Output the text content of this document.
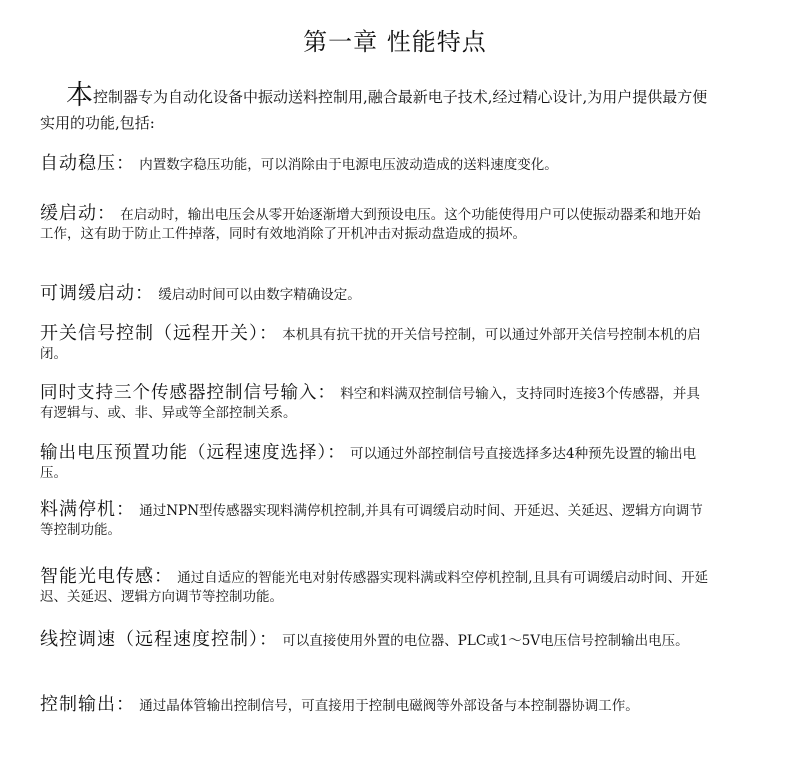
第一章 性能特点
本控制器专为自动化设备中振动送料控制用,融合最新电子技术,经过精心设计,为用户提供最方便实用的功能,包括:
自动稳压： 内置数字稳压功能，可以消除由于电源电压波动造成的送料速度变化。
缓启动： 在启动时，输出电压会从零开始逐渐增大到预设电压。这个功能使得用户可以使振动器柔和地开始工作，这有助于防止工件掉落，同时有效地消除了开机冲击对振动盘造成的损坏。
可调缓启动： 缓启动时间可以由数字精确设定。
开关信号控制（远程开关）： 本机具有抗干扰的开关信号控制，可以通过外部开关信号控制本机的启闭。
同时支持三个传感器控制信号输入： 料空和料满双控制信号输入，支持同时连接3个传感器，并具有逻辑与、或、非、异或等全部控制关系。
输出电压预置功能（远程速度选择）： 可以通过外部控制信号直接选择多达4种预先设置的输出电压。
料满停机： 通过NPN型传感器实现料满停机控制,并具有可调缓启动时间、开延迟、关延迟、逻辑方向调节等控制功能。
智能光电传感： 通过自适应的智能光电对射传感器实现料满或料空停机控制,且具有可调缓启动时间、开延迟、关延迟、逻辑方向调节等控制功能。
线控调速（远程速度控制）： 可以直接使用外置的电位器、PLC或1～5V电压信号控制输出电压。
控制输出： 通过晶体管输出控制信号，可直接用于控制电磁阀等外部设备与本控制器协调工作。
